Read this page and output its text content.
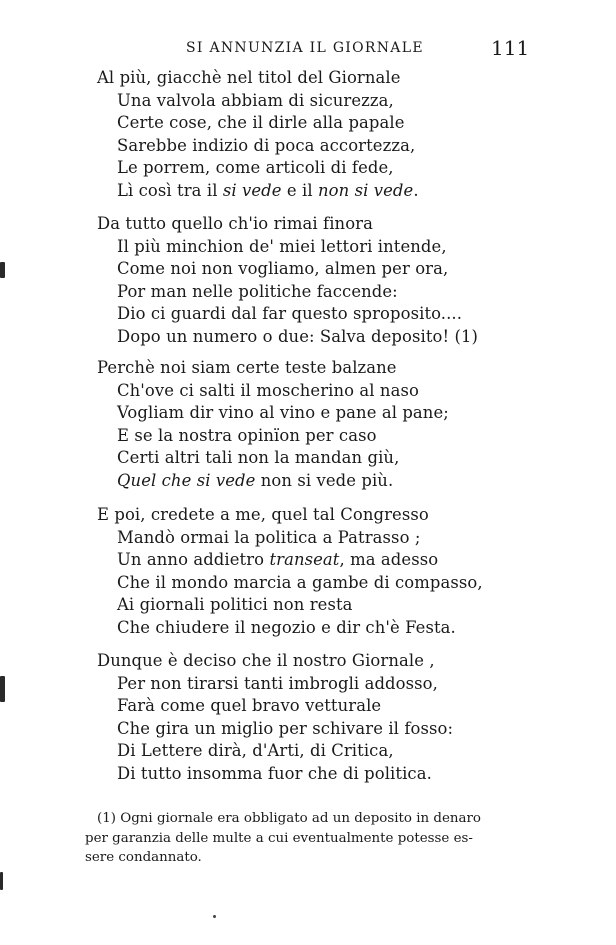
SI ANNUNZIA IL GIORNALE	111
Al più, giacchè nel titol del Giornale
Una valvola abbiam di sicurezza,
Certe cose, che il dirle alla papale
Sarebbe indizio di poca accortezza,
Le porrem, come articoli di fede,
Lì così tra il si vede e il non si vede.
Da tutto quello ch'io rimai finora
Il più minchion de' miei lettori intende,
Come noi non vogliamo, almen per ora,
Por man nelle politiche faccende:
Dio ci guardi dal far questo sproposito....
Dopo un numero o due: Salva deposito! (1)
Perchè noi siam certe teste balzane
Ch'ove ci salti il moscherino al naso
Vogliam dir vino al vino e pane al pane;
E se la nostra opinïon per caso
Certi altri tali non la mandan giù,
Quel che si vede non si vede più.
E poi, credete a me, quel tal Congresso
Mandò ormai la politica a Patrasso ;
Un anno addietro transeat, ma adesso
Che il mondo marcia a gambe di compasso,
Ai giornali politici non resta
Che chiudere il negozio e dir ch'è Festa.
Dunque è deciso che il nostro Giornale ,
Per non tirarsi tanti imbrogli addosso,
Farà come quel bravo vetturale
Che gira un miglio per schivare il fosso:
Di Lettere dirà, d'Arti, di Critica,
Di tutto insomma fuor che di politica.
(1) Ogni giornale era obbligato ad un deposito in denaro
per garanzia delle multe a cui eventualmente potesse es-
sere condannato.
